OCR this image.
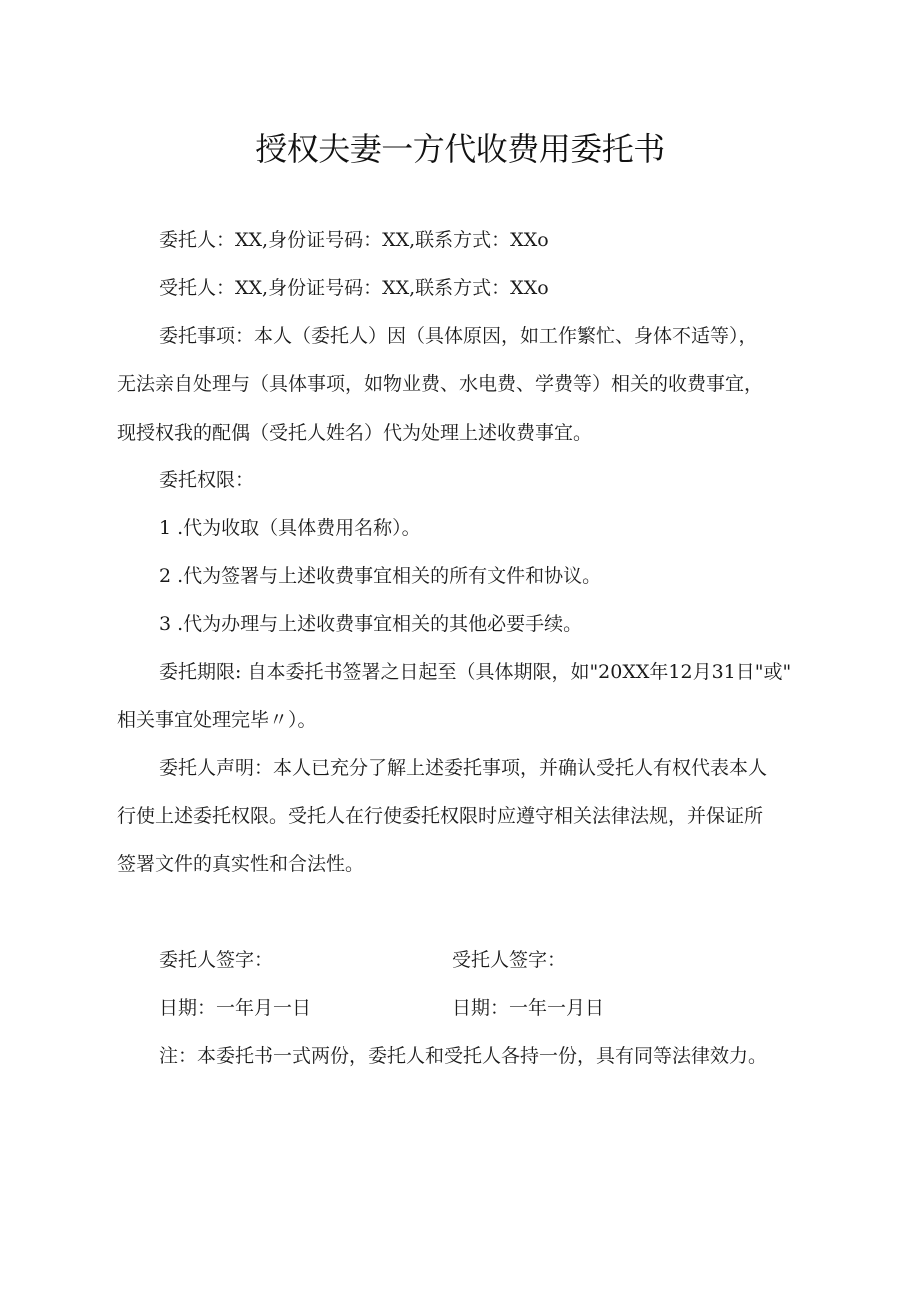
授权夫妻一方代收费用委托书
委托人：XX,身份证号码：XX,联系方式：XXo
受托人：XX,身份证号码：XX,联系方式：XXo
委托事项：本人（委托人）因（具体原因，如工作繁忙、身体不适等），
无法亲自处理与（具体事项，如物业费、水电费、学费等）相关的收费事宜，
现授权我的配偶（受托人姓名）代为处理上述收费事宜。
委托权限：
1 .代为收取（具体费用名称）。
2 .代为签署与上述收费事宜相关的所有文件和协议。
3 .代为办理与上述收费事宜相关的其他必要手续。
委托期限: 自本委托书签署之日起至（具体期限，如"20XX年12月31日"或"
相关事宜处理完毕〃）。
委托人声明：本人已充分了解上述委托事项，并确认受托人有权代表本人
行使上述委托权限。受托人在行使委托权限时应遵守相关法律法规，并保证所
签署文件的真实性和合法性。
委托人签字：	受托人签字：
日期：一年月一日	日期：一年一月日
注：本委托书一式两份，委托人和受托人各持一份，具有同等法律效力。
